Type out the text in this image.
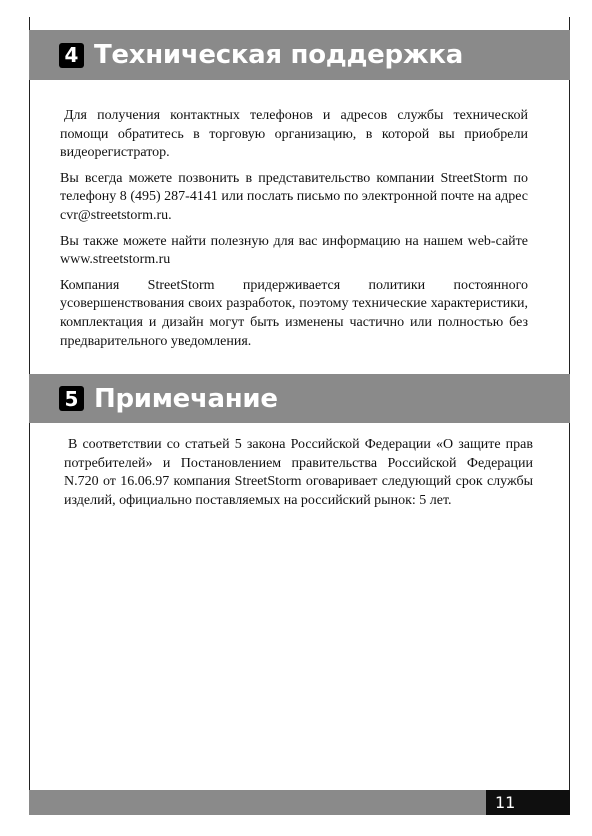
4 Техническая поддержка

Для получения контактных телефонов и адресов службы технической помощи обратитесь в торговую организацию, в которой вы приобрели видеорегистратор.

Вы всегда можете позвонить в представительство компании StreetStorm по телефону 8 (495) 287-4141 или послать письмо по электронной почте на адрес cvr@streetstorm.ru.

Вы также можете найти полезную для вас информацию на нашем web-сайте www.streetstorm.ru

Компания StreetStorm придерживается политики постоянного усовершенствования своих разработок, поэтому технические характеристики, комплектация и дизайн могут быть изменены частично или полностью без предварительного уведомления.

5 Примечание

В соответствии со статьей 5 закона Российской Федерации «О защите прав потребителей» и Постановлением правительства Российской Федерации N.720 от 16.06.97 компания StreetStorm оговаривает следующий срок службы изделий, официально поставляемых на российский рынок: 5 лет.

11
